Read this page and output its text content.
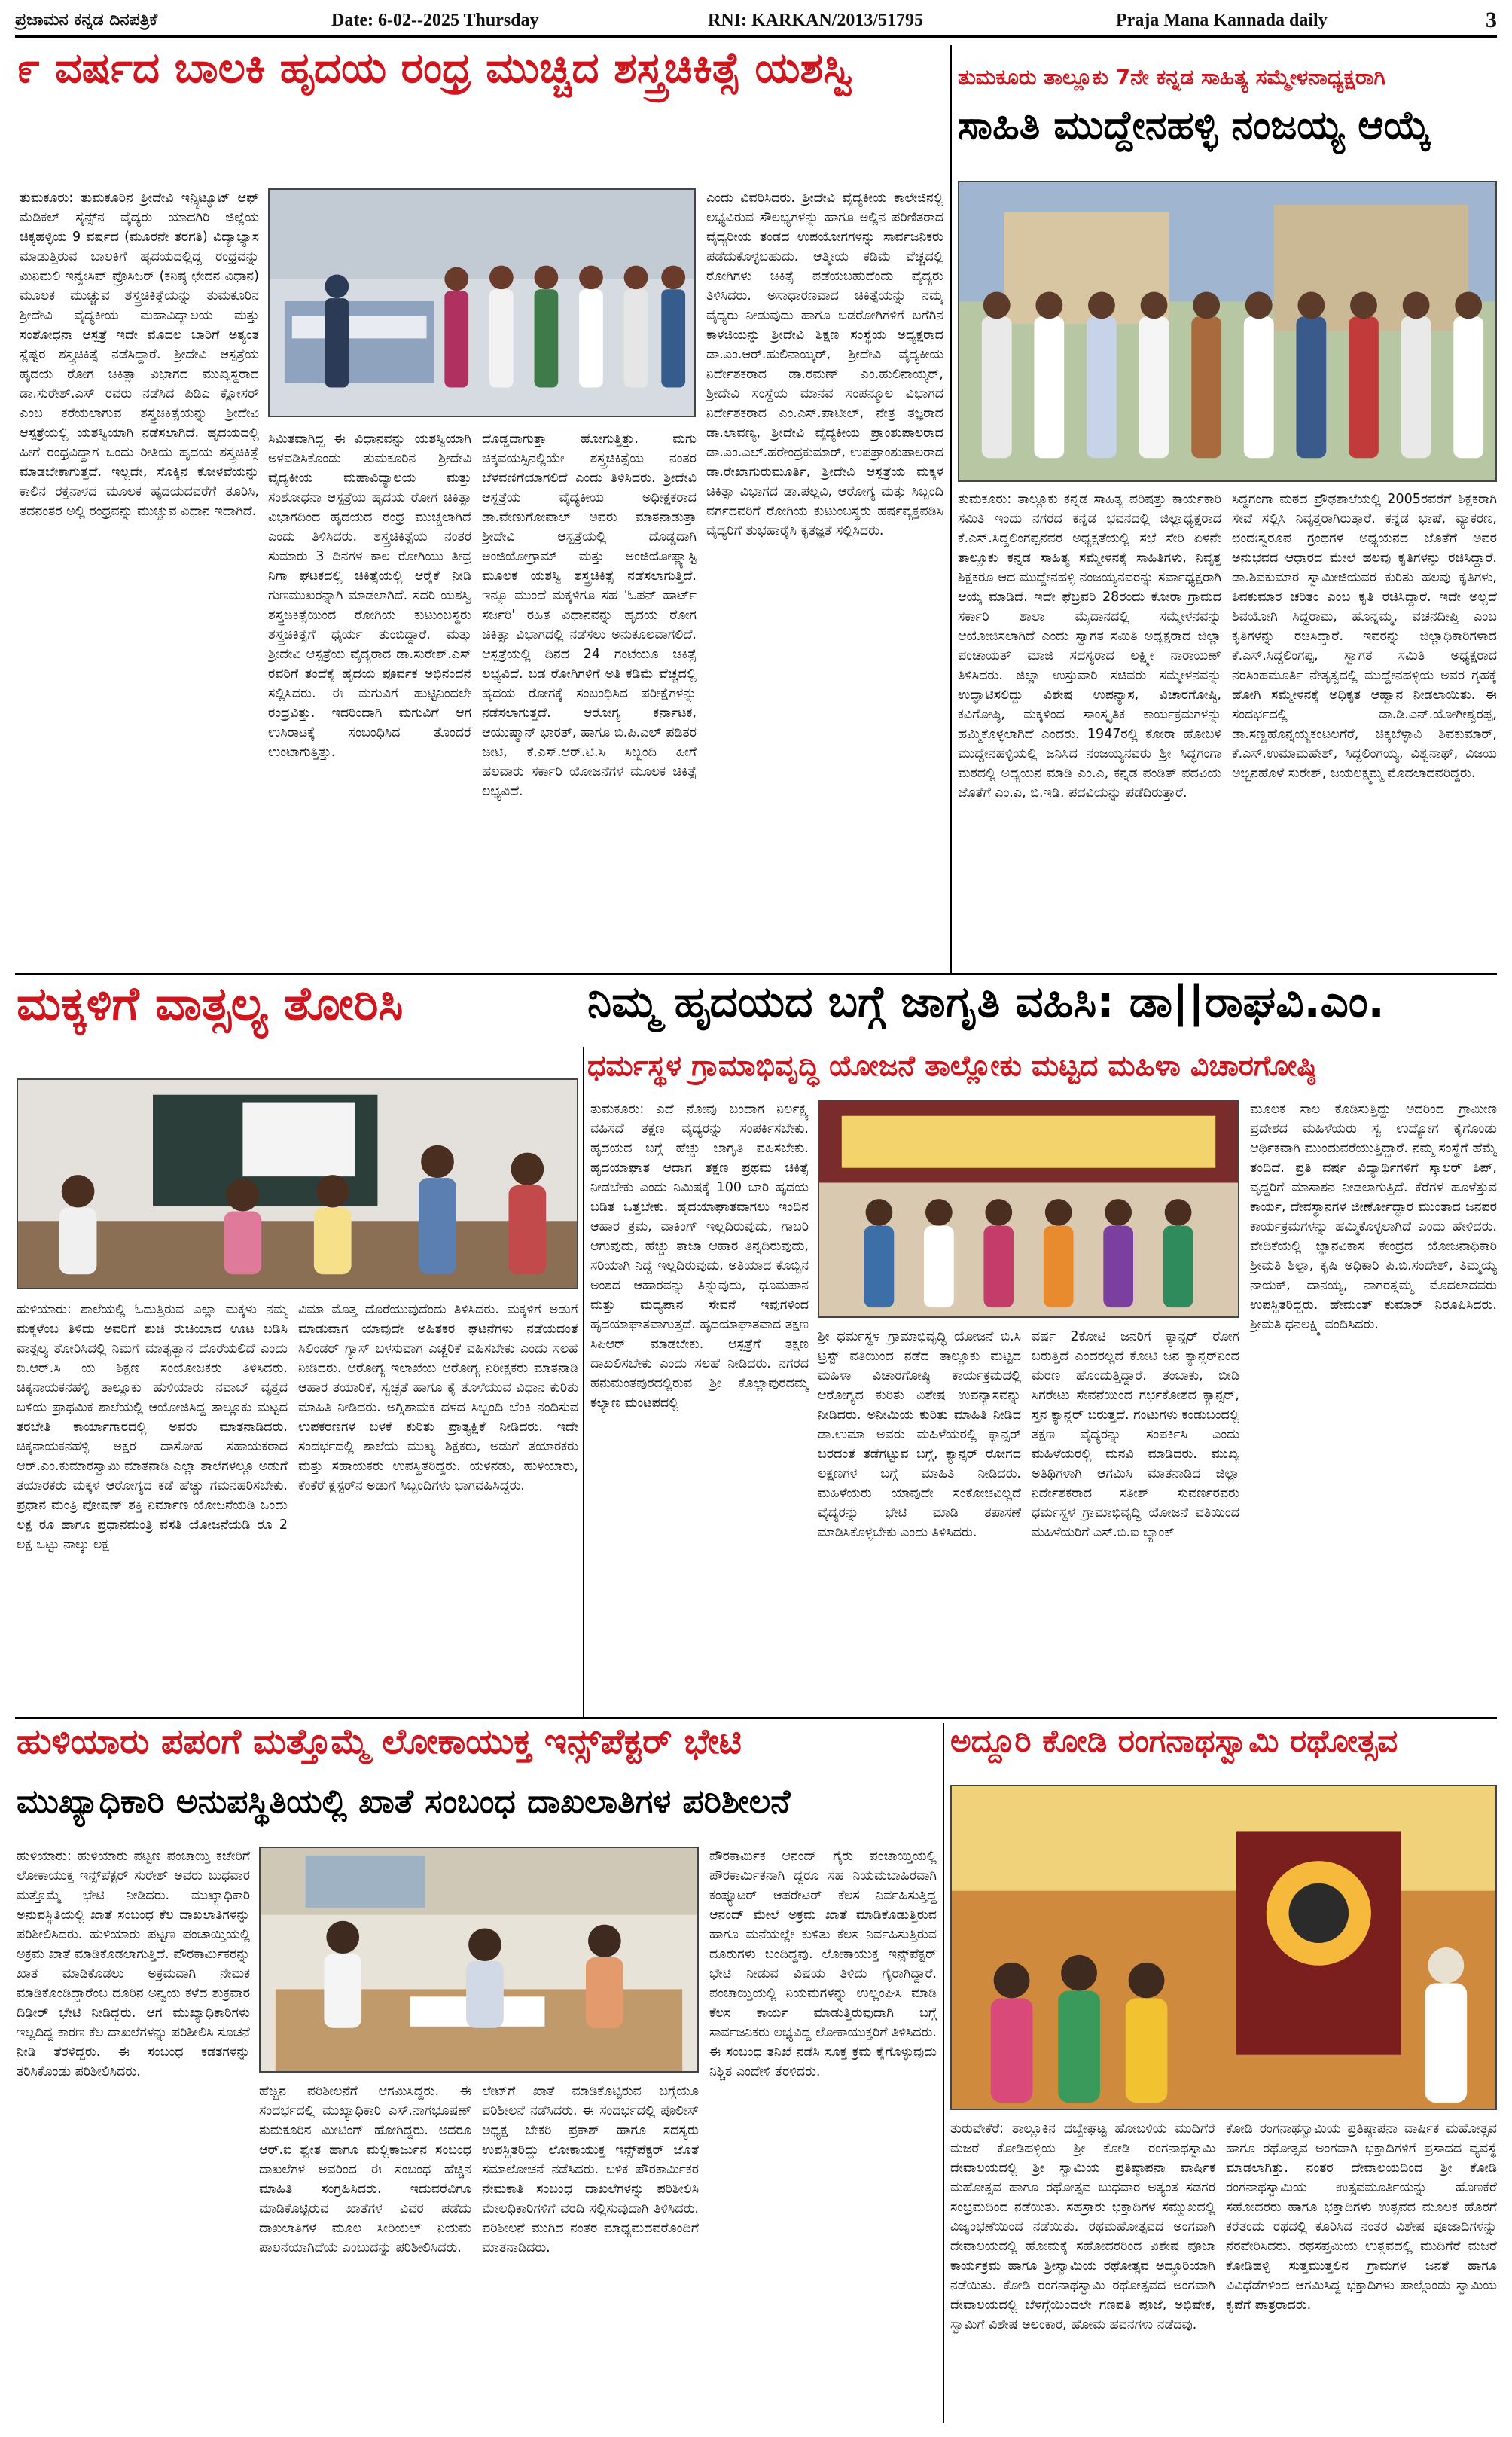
ಪ್ರಜಾಮನ ಕನ್ನಡ ದಿನಪತ್ರಿಕೆ	Date: 6-02--2025 Thursday	RNI: KARKAN/2013/51795	Praja Mana Kannada daily	3
೯ ವರ್ಷದ ಬಾಲಕಿ ಹೃದಯ ರಂಧ್ರ ಮುಚ್ಚಿದ ಶಸ್ತ್ರಚಿಕಿತ್ಸೆ ಯಶಸ್ವಿ
ತುಮಕೂರು: ತುಮಕೂರಿನ ಶ್ರೀದೇವಿ ಇನ್ಸ್ಟಿಟ್ಯೂಟ್ ಆಫ್ ಮೆಡಿಕಲ್ ಸೈನ್ಸ್‌ನ ವೈದ್ಯರು ಯಾದಗಿರಿ ಜಿಲ್ಲೆಯ ಚಿಕ್ಕಹಳ್ಳಿಯ 9 ವರ್ಷದ (ಮೂರನೇ ತರಗತಿ) ವಿದ್ಯಾಭ್ಯಾಸ ಮಾಡುತ್ತಿರುವ ಬಾಲಕಿಗೆ ಹೃದಯದಲ್ಲಿದ್ದ ರಂಧ್ರವನ್ನು ಮಿನಿಮಲಿ ಇನ್ವೇಸಿವ್ ಪ್ರೊಸಿಜರ್ (ಕನಿಷ್ಠ ಛೇದನ ವಿಧಾನ) ಮೂಲಕ ಮುಚ್ಚುವ ಶಸ್ತ್ರಚಿಕಿತ್ಸೆಯನ್ನು ತುಮಕೂರಿನ ಶ್ರೀದೇವಿ ವೈದ್ಯಕೀಯ ಮಹಾವಿದ್ಯಾಲಯ ಮತ್ತು ಸಂಶೋಧನಾ ಆಸ್ಪತ್ರೆ ಇದೇ ಮೊದಲ ಬಾರಿಗೆ ಅತ್ಯಂತ ಸ್ಲೆಷ್ಟರ ಶಸ್ತ್ರಚಿಕಿತ್ಸೆ ನಡೆಸಿದ್ದಾರೆ. ಶ್ರೀದೇವಿ ಆಸ್ಪತ್ರೆಯ ಹೃದಯ ರೋಗ ಚಿಕಿತ್ಸಾ ವಿಭಾಗದ ಮುಖ್ಯಸ್ಥರಾದ ಡಾ.ಸುರೇಶ್.ಎಸ್ ರವರು ನಡೆಸಿದ ಪಿಡಿಎ ಕ್ಲೋಸರ್ ಎಂಬ ಕರೆಯಲಾಗುವ ಶಸ್ತ್ರಚಿಕಿತ್ಸೆಯನ್ನು ಶ್ರೀದೇವಿ ಆಸ್ಪತ್ರೆಯಲ್ಲಿ ಯಶಸ್ವಿಯಾಗಿ ನಡೆಸಲಾಗಿದೆ. ಹೃದಯದಲ್ಲಿ ಹೀಗೆ ರಂಧ್ರವಿದ್ದಾಗ ಒಂದು ರೀತಿಯ ಹೃದಯ ಶಸ್ತ್ರಚಿಕಿತ್ಸೆ ಮಾಡಬೇಕಾಗುತ್ತದೆ. ಇಲ್ಲದೇ, ಸೊಕ್ಕಿನ ಕೋಳವೆಯನ್ನು ಕಾಲಿನ ರಕ್ತನಾಳದ ಮೂಲಕ ಹೃದಯದವರೆಗೆ ತೂರಿಸಿ, ತದನಂತರ ಅಲ್ಲಿ ರಂಧ್ರವನ್ನು ಮುಚ್ಚುವ ವಿಧಾನ ಇದಾಗಿದೆ.
ಸಿಮಿತವಾಗಿದ್ದ ಈ ವಿಧಾನವನ್ನು ಯಶಸ್ವಿಯಾಗಿ ಅಳವಡಿಸಿಕೊಂಡು ತುಮಕೂರಿನ ಶ್ರೀದೇವಿ ವೈದ್ಯಕೀಯ ಮಹಾವಿದ್ಯಾಲಯ ಮತ್ತು ಸಂಶೋಧನಾ ಆಸ್ಪತ್ರೆಯ ಹೃದಯ ರೋಗ ಚಿಕಿತ್ಸಾ ವಿಭಾಗದಿಂದ ಹೃದಯದ ರಂಧ್ರ ಮುಚ್ಚಲಾಗಿದೆ ಎಂದು ತಿಳಿಸಿದರು. ಶಸ್ತ್ರಚಿಕಿತ್ಸೆಯ ನಂತರ ಸುಮಾರು 3 ದಿನಗಳ ಕಾಲ ರೋಗಿಯು ತೀವ್ರ ನಿಗಾ ಘಟಕದಲ್ಲಿ ಚಿಕಿತ್ಸೆಯಲ್ಲಿ ಆರೈಕೆ ನೀಡಿ ಗುಣಮುಖರನ್ನಾಗಿ ಮಾಡಲಾಗಿದೆ. ಸದರಿ ಯಶಸ್ವಿ ಶಸ್ತ್ರಚಿಕಿತ್ಸೆಯಿಂದ ರೋಗಿಯ ಕುಟುಂಬಸ್ಥರು ಶಸ್ತ್ರಚಿಕಿತ್ಸೆಗೆ ಧೈರ್ಯ ತುಂಬಿದ್ದಾರೆ. ಮತ್ತು ಶ್ರೀದೇವಿ ಆಸ್ಪತ್ರೆಯ ವೈದ್ಯರಾದ ಡಾ.ಸುರೇಶ್.ಎಸ್ ರವರಿಗೆ ತಂದೆಕೈ ಹೃದಯ ಪೂರ್ವಕ ಅಭಿನಂದನೆ ಸಲ್ಲಿಸಿದರು. ಈ ಮಗುವಿಗೆ ಹುಟ್ಟಿನಿಂದಲೇ ರಂಧ್ರವಿತ್ತು. ಇದರಿಂದಾಗಿ ಮಗುವಿಗೆ ಆಗ ಉಸಿರಾಟಕ್ಕೆ ಸಂಬಂಧಿಸಿದ ತೊಂದರೆ ಉಂಟಾಗುತ್ತಿತ್ತು.
ದೊಡ್ಡದಾಗುತ್ತಾ ಹೋಗುತ್ತಿತ್ತು. ಮಗು ಚಿಕ್ಕವಯಸ್ಸಿನಲ್ಲಿಯೇ ಶಸ್ತ್ರಚಿಕಿತ್ಸೆಯ ನಂತರ ಬೆಳವಣಿಗೆಯಾಗಲಿದೆ ಎಂದು ತಿಳಿಸಿದರು. ಶ್ರೀದೇವಿ ಆಸ್ಪತ್ರೆಯ ವೈದ್ಯಕೀಯ ಅಧೀಕ್ಷಕರಾದ ಡಾ.ವೇಣುಗೋಪಾಲ್ ಅವರು ಮಾತನಾಡುತ್ತಾ ಶ್ರೀದೇವಿ ಆಸ್ಪತ್ರೆಯಲ್ಲಿ ದೊಡ್ಡದಾಗಿ ಅಂಜಿಯೋಗ್ರಾಮ್ ಮತ್ತು ಅಂಜಿಯೋಪ್ಲ್ಯಾಸ್ಟಿ ಮೂಲಕ ಯಶಸ್ವಿ ಶಸ್ತ್ರಚಿಕಿತ್ಸೆ ನಡೆಸಲಾಗುತ್ತಿದೆ. ಇನ್ನೂ ಮುಂದೆ ಮಕ್ಕಳಿಗೂ ಸಹ 'ಓಪನ್ ಹಾರ್ಟ್ ಸರ್ಜರಿ' ರಹಿತ ವಿಧಾನವನ್ನು ಹೃದಯ ರೋಗ ಚಿಕಿತ್ಸಾ ವಿಭಾಗದಲ್ಲಿ ನಡೆಸಲು ಅನುಕೂಲವಾಗಲಿದೆ. ಆಸ್ಪತ್ರೆಯಲ್ಲಿ ದಿನದ 24 ಗಂಟೆಯೂ ಚಿಕಿತ್ಸೆ ಲಭ್ಯವಿದೆ. ಬಡ ರೋಗಿಗಳಿಗೆ ಅತಿ ಕಡಿಮೆ ವೆಚ್ಚದಲ್ಲಿ ಹೃದಯ ರೋಗಕ್ಕೆ ಸಂಬಂಧಿಸಿದ ಪರೀಕ್ಷೆಗಳನ್ನು ನಡೆಸಲಾಗುತ್ತದೆ. ಆರೋಗ್ಯ ಕರ್ನಾಟಕ, ಆಯುಷ್ಮಾನ್ ಭಾರತ್, ಹಾಗೂ ಬಿ.ಪಿ.ಎಲ್ ಪಡಿತರ ಚೀಟಿ, ಕೆ.ಎಸ್.ಆರ್.ಟಿ.ಸಿ ಸಿಬ್ಬಂದಿ ಹೀಗೆ ಹಲವಾರು ಸರ್ಕಾರಿ ಯೋಜನೆಗಳ ಮೂಲಕ ಚಿಕಿತ್ಸೆ ಲಭ್ಯವಿದೆ.
ಎಂದು ವಿವರಿಸಿದರು. ಶ್ರೀದೇವಿ ವೈದ್ಯಕೀಯ ಕಾಲೇಜಿನಲ್ಲಿ ಲಭ್ಯವಿರುವ ಸೌಲಭ್ಯಗಳನ್ನು ಹಾಗೂ ಅಲ್ಲಿನ ಪರಿಣಿತರಾದ ವೈದ್ಯರೀಯ ತಂಡದ ಉಪಯೋಗಗಳನ್ನು ಸಾರ್ವಜನಿಕರು ಪಡೆದುಕೊಳ್ಳಬಹುದು. ಆತ್ಮೀಯ ಕಡಿಮೆ ವೆಚ್ಚದಲ್ಲಿ ರೋಗಿಗಳು ಚಿಕಿತ್ಸೆ ಪಡೆಯಬಹುದೆಂದು ವೈದ್ಯರು ತಿಳಿಸಿದರು. ಅಸಾಧಾರಣವಾದ ಚಿಕಿತ್ಸೆಯನ್ನು ನಮ್ಮ ವೈದ್ಯರು ನೀಡುವುದು ಹಾಗೂ ಬಡರೋಗಿಗಳಿಗೆ ಬಗೆಗಿನ ಕಾಳಜಿಯನ್ನು ಶ್ರೀದೇವಿ ಶಿಕ್ಷಣ ಸಂಸ್ಥೆಯ ಅಧ್ಯಕ್ಷರಾದ ಡಾ.ಎಂ.ಆರ್.ಹುಲಿನಾಯ್ಕರ್, ಶ್ರೀದೇವಿ ವೈದ್ಯಕೀಯ ನಿರ್ದೇಶಕರಾದ ಡಾ.ರಮಣ್ ಎಂ.ಹುಲಿನಾಯ್ಕರ್, ಶ್ರೀದೇವಿ ಸಂಸ್ಥೆಯ ಮಾನವ ಸಂಪನ್ಮೂಲ ವಿಭಾಗದ ನಿರ್ದೇಶಕರಾದ ಎಂ.ಎಸ್.ಪಾಟೀಲ್, ನೇತ್ರ ತಜ್ಞರಾದ ಡಾ.ಲಾವಣ್ಯ, ಶ್ರೀದೇವಿ ವೈದ್ಯಕೀಯ ಪ್ರಾಂಶುಪಾಲರಾದ ಡಾ.ಎಂ.ಎಲ್.ಹರೇಂದ್ರಕುಮಾರ್, ಉಪಪ್ರಾಂಶುಪಾಲರಾದ ಡಾ.ರೇಖಾಗುರುಮೂರ್ತಿ, ಶ್ರೀದೇವಿ ಆಸ್ಪತ್ರೆಯ ಮಕ್ಕಳ ಚಿಕಿತ್ಸಾ ವಿಭಾಗದ ಡಾ.ಪಲ್ಲವಿ, ಆರೋಗ್ಯ ಮತ್ತು ಸಿಬ್ಬಂದಿ ವರ್ಗದವರಿಗೆ ರೋಗಿಯ ಕುಟುಂಬಸ್ಥರು ಹರ್ಷವ್ಯಕ್ತಪಡಿಸಿ ವೈದ್ಯರಿಗೆ ಶುಭಹಾರೈಸಿ ಕೃತಜ್ಞತೆ ಸಲ್ಲಿಸಿದರು.
ತುಮಕೂರು ತಾಲ್ಲೂಕು 7ನೇ ಕನ್ನಡ ಸಾಹಿತ್ಯ ಸಮ್ಮೇಳನಾಧ್ಯಕ್ಷರಾಗಿ
ಸಾಹಿತಿ ಮುದ್ದೇನಹಳ್ಳಿ ನಂಜಯ್ಯ ಆಯ್ಕೆ
ತುಮಕೂರು: ತಾಲ್ಲೂಕು ಕನ್ನಡ ಸಾಹಿತ್ಯ ಪರಿಷತ್ತು ಕಾರ್ಯಕಾರಿ ಸಮಿತಿ ಇಂದು ನಗರದ ಕನ್ನಡ ಭವನದಲ್ಲಿ ಜಿಲ್ಲಾಧ್ಯಕ್ಷರಾದ ಕೆ.ಎಸ್.ಸಿದ್ದಲಿಂಗಪ್ಪನವರ ಅಧ್ಯಕ್ಷತೆಯಲ್ಲಿ ಸಭೆ ಸೇರಿ ಏಳನೇ ತಾಲ್ಲೂಕು ಕನ್ನಡ ಸಾಹಿತ್ಯ ಸಮ್ಮೇಳನಕ್ಕೆ ಸಾಹಿತಿಗಳು, ನಿವೃತ್ತ ಶಿಕ್ಷಕರೂ ಆದ ಮುದ್ದೇನಹಳ್ಳಿ ನಂಜಯ್ಯನವರನ್ನು ಸರ್ವಾಧ್ಯಕ್ಷರಾಗಿ ಆಯ್ಕೆ ಮಾಡಿದೆ. ಇದೇ ಫೆಬ್ರವರಿ 28ರಂದು ಕೋರಾ ಗ್ರಾಮದ ಸರ್ಕಾರಿ ಶಾಲಾ ಮೈದಾನದಲ್ಲಿ ಸಮ್ಮೇಳನವನ್ನು ಆಯೋಜಿಸಲಾಗಿದೆ ಎಂದು ಸ್ವಾಗತ ಸಮಿತಿ ಅಧ್ಯಕ್ಷರಾದ ಜಿಲ್ಲಾ ಪಂಚಾಯತ್ ಮಾಜಿ ಸದಸ್ಯರಾದ ಲಕ್ಷ್ಮೀ ನಾರಾಯಣ್ ತಿಳಿಸಿದರು. ಜಿಲ್ಲಾ ಉಸ್ತುವಾರಿ ಸಚಿವರು ಸಮ್ಮೇಳನವನ್ನು ಉದ್ಘಾಟಿಸಲಿದ್ದು ವಿಶೇಷ ಉಪನ್ಯಾಸ, ವಿಚಾರಗೋಷ್ಠಿ, ಕವಿಗೋಷ್ಠಿ, ಮಕ್ಕಳಿಂದ ಸಾಂಸ್ಕೃತಿಕ ಕಾರ್ಯಕ್ರಮಗಳನ್ನು ಹಮ್ಮಿಕೊಳ್ಳಲಾಗಿದೆ ಎಂದರು. 1947ರಲ್ಲಿ ಕೋರಾ ಹೋಬಳಿ ಮುದ್ದೇನಹಳ್ಳಿಯಲ್ಲಿ ಜನಿಸಿದ ನಂಜಯ್ಯನವರು ಶ್ರೀ ಸಿದ್ಧಗಂಗಾ ಮಠದಲ್ಲಿ ಅಧ್ಯಯನ ಮಾಡಿ ಎಂ.ಎ, ಕನ್ನಡ ಪಂಡಿತ್ ಪದವಿಯ ಜೊತೆಗೆ ಎಂ.ಎ, ಬಿ.ಇಡಿ. ಪದವಿಯನ್ನು ಪಡೆದಿರುತ್ತಾರೆ.
ಸಿದ್ಧಗಂಗಾ ಮಠದ ಪ್ರೌಢಶಾಲೆಯಲ್ಲಿ 2005ರವರೆಗೆ ಶಿಕ್ಷಕರಾಗಿ ಸೇವೆ ಸಲ್ಲಿಸಿ ನಿವೃತ್ತರಾಗಿರುತ್ತಾರೆ. ಕನ್ನಡ ಭಾಷೆ, ವ್ಯಾಕರಣ, ಛಂದಃಸ್ವರೂಪ ಗ್ರಂಥಗಳ ಅಧ್ಯಯನದ ಜೊತೆಗೆ ಅವರ ಅನುಭವದ ಆಧಾರದ ಮೇಲೆ ಹಲವು ಕೃತಿಗಳನ್ನು ರಚಿಸಿದ್ದಾರೆ. ಡಾ.ಶಿವಕುಮಾರ ಸ್ವಾಮೀಜಿಯವರ ಕುರಿತು ಹಲವು ಕೃತಿಗಳು, ಶಿವಕುಮಾರ ಚರಿತಂ ಎಂಬ ಕೃತಿ ರಚಿಸಿದ್ದಾರೆ. ಇದೇ ಅಲ್ಲದೆ ಶಿವಯೋಗಿ ಸಿದ್ಧರಾಮ, ಹೊನ್ನಮ್ಮ, ವಚನದೀಪ್ತಿ ಎಂಬ ಕೃತಿಗಳನ್ನು ರಚಿಸಿದ್ದಾರೆ. ಇವರನ್ನು ಜಿಲ್ಲಾಧಿಕಾರಿಗಳಾದ ಕೆ.ಎಸ್.ಸಿದ್ದಲಿಂಗಪ್ಪ, ಸ್ವಾಗತ ಸಮಿತಿ ಅಧ್ಯಕ್ಷರಾದ ನರಸಿಂಹಮೂರ್ತಿ ನೇತೃತ್ವದಲ್ಲಿ ಮುದ್ದೇನಹಳ್ಳಿಯ ಅವರ ಗೃಹಕ್ಕೆ ಹೋಗಿ ಸಮ್ಮೇಳನಕ್ಕೆ ಅಧಿಕೃತ ಆಹ್ವಾನ ನೀಡಲಾಯಿತು. ಈ ಸಂದರ್ಭದಲ್ಲಿ ಡಾ.ಡಿ.ಎನ್.ಯೋಗೀಶ್ವರಪ್ಪ, ಡಾ.ಸಣ್ಣಹೊನ್ನಯ್ಯಕಂಟಲಗೆರೆ, ಚಿಕ್ಕಬೆಳ್ಳಾವಿ ಶಿವಕುಮಾರ್, ಕೆ.ಎಸ್.ಉಮಾಮಹೇಶ್, ಸಿದ್ದಲಿಂಗಯ್ಯ, ವಿಶ್ವನಾಥ್, ವಿಜಯ ಅಬ್ಬಿನಹೊಳೆ ಸುರೇಶ್, ಜಯಲಕ್ಷ್ಮಮ್ಮ ಮೊದಲಾದವರಿದ್ದರು.
ಮಕ್ಕಳಿಗೆ ವಾತ್ಸಲ್ಯ ತೋರಿಸಿ	ನಿಮ್ಮ ಹೃದಯದ ಬಗ್ಗೆ ಜಾಗೃತಿ ವಹಿಸಿ: ಡಾ||ರಾಘವಿ.ಎಂ.
ಧರ್ಮಸ್ಥಳ ಗ್ರಾಮಾಭಿವೃದ್ಧಿ ಯೋಜನೆ ತಾಲ್ಲೋಕು ಮಟ್ಟದ ಮಹಿಳಾ ವಿಚಾರಗೋಷ್ಠಿ
ಹುಳಿಯಾರು: ಶಾಲೆಯಲ್ಲಿ ಓದುತ್ತಿರುವ ಎಲ್ಲಾ ಮಕ್ಕಳು ನಮ್ಮ ಮಕ್ಕಳೆಂಬ ತಿಳಿದು ಅವರಿಗೆ ಶುಚಿ ರುಚಿಯಾದ ಊಟ ಬಡಿಸಿ ವಾತ್ಸಲ್ಯ ತೋರಿಸಿದಲ್ಲಿ ನಿಮಗೆ ಮಾತೃತ್ವಾನ ದೊರೆಯಲಿದೆ ಎಂದು ಬಿ.ಆರ್.ಸಿ ಯ ಶಿಕ್ಷಣ ಸಂಯೋಜಕರು ತಿಳಿಸಿದರು. ಚಿಕ್ಕನಾಯಕನಹಳ್ಳಿ ತಾಲ್ಲೂಕು ಹುಳಿಯಾರು ನವಾಬ್ ವೃತ್ತದ ಬಳಿಯ ಪ್ರಾಥಮಿಕ ಶಾಲೆಯಲ್ಲಿ ಆಯೋಜಿಸಿದ್ದ ತಾಲ್ಲೂಕು ಮಟ್ಟದ ತರಬೇತಿ ಕಾರ್ಯಾಗಾರದಲ್ಲಿ ಅವರು ಮಾತನಾಡಿದರು. ಚಿಕ್ಕನಾಯಕನಹಳ್ಳಿ ಅಕ್ಷರ ದಾಸೋಹ ಸಹಾಯಕರಾದ ಆರ್.ಎಂ.ಕುಮಾರಸ್ವಾಮಿ ಮಾತನಾಡಿ ಎಲ್ಲಾ ಶಾಲೆಗಳಲ್ಲೂ ಅಡುಗೆ ತಯಾರಕರು ಮಕ್ಕಳ ಆರೋಗ್ಯದ ಕಡೆ ಹೆಚ್ಚು ಗಮನಹರಿಸಬೇಕು. ಪ್ರಧಾನ ಮಂತ್ರಿ ಪೋಷಣ್ ಶಕ್ತಿ ನಿರ್ಮಾಣ ಯೋಜನೆಯಡಿ ಒಂದು ಲಕ್ಷ ರೂ ಹಾಗೂ ಪ್ರಧಾನಮಂತ್ರಿ ವಸತಿ ಯೋಜನೆಯಡಿ ರೂ 2 ಲಕ್ಷ ಒಟ್ಟು ನಾಲ್ಕು ಲಕ್ಷ
ವಿಮಾ ಮೊತ್ತ ದೊರೆಯುವುದೆಂದು ತಿಳಿಸಿದರು. ಮಕ್ಕಳಿಗೆ ಅಡುಗೆ ಮಾಡುವಾಗ ಯಾವುದೇ ಅಹಿತಕರ ಘಟನೆಗಳು ನಡೆಯದಂತೆ ಸಿಲಿಂಡರ್ ಗ್ಯಾಸ್ ಬಳಸುವಾಗ ಎಚ್ಚರಿಕೆ ವಹಿಸಬೇಕು ಎಂದು ಸಲಹೆ ನೀಡಿದರು. ಆರೋಗ್ಯ ಇಲಾಖೆಯ ಆರೋಗ್ಯ ನಿರೀಕ್ಷಕರು ಮಾತನಾಡಿ ಆಹಾರ ತಯಾರಿಕೆ, ಸ್ವಚ್ಛತೆ ಹಾಗೂ ಕೈ ತೊಳೆಯುವ ವಿಧಾನ ಕುರಿತು ಮಾಹಿತಿ ನೀಡಿದರು. ಅಗ್ನಿಶಾಮಕ ದಳದ ಸಿಬ್ಬಂದಿ ಬೆಂಕಿ ನಂದಿಸುವ ಉಪಕರಣಗಳ ಬಳಕೆ ಕುರಿತು ಪ್ರಾತ್ಯಕ್ಷಿಕೆ ನೀಡಿದರು. ಇದೇ ಸಂದರ್ಭದಲ್ಲಿ ಶಾಲೆಯ ಮುಖ್ಯ ಶಿಕ್ಷಕರು, ಅಡುಗೆ ತಯಾರಕರು ಮತ್ತು ಸಹಾಯಕರು ಉಪಸ್ಥಿತರಿದ್ದರು. ಯಳನಡು, ಹುಳಿಯಾರು, ಕೆಂಕೆರೆ ಕ್ಲಸ್ಟರ್‌ನ ಅಡುಗೆ ಸಿಬ್ಬಂದಿಗಳು ಭಾಗವಹಿಸಿದ್ದರು.
ತುಮಕೂರು: ಎದೆ ನೋವು ಬಂದಾಗ ನಿರ್ಲಕ್ಷ್ಯ ವಹಿಸದೆ ತಕ್ಷಣ ವೈದ್ಯರನ್ನು ಸಂಪರ್ಕಿಸಬೇಕು. ಹೃದಯದ ಬಗ್ಗೆ ಹೆಚ್ಚು ಜಾಗೃತಿ ವಹಿಸಬೇಕು. ಹೃದಯಾಘಾತ ಆದಾಗ ತಕ್ಷಣ ಪ್ರಥಮ ಚಿಕಿತ್ಸೆ ನೀಡಬೇಕು ಎಂದು ನಿಮಿಷಕ್ಕೆ 100 ಬಾರಿ ಹೃದಯ ಬಡಿತ ಒತ್ತಬೇಕು. ಹೃದಯಾಘಾತವಾಗಲು ಇಂದಿನ ಆಹಾರ ಕ್ರಮ, ವಾಕಿಂಗ್ ಇಲ್ಲದಿರುವುದು, ಗಾಬರಿ ಆಗುವುದು, ಹೆಚ್ಚು ತಾಜಾ ಆಹಾರ ತಿನ್ನದಿರುವುದು, ಸರಿಯಾಗಿ ನಿದ್ದೆ ಇಲ್ಲದಿರುವುದು, ಅತಿಯಾದ ಕೊಬ್ಬಿನ ಅಂಶದ ಆಹಾರವನ್ನು ತಿನ್ನುವುದು, ಧೂಮಪಾನ ಮತ್ತು ಮದ್ಯಪಾನ ಸೇವನೆ ಇವುಗಳಿಂದ ಹೃದಯಾಘಾತವಾಗುತ್ತದೆ. ಹೃದಯಾಘಾತವಾದ ತಕ್ಷಣ ಸಿಪಿಆರ್ ಮಾಡಬೇಕು. ಆಸ್ಪತ್ರೆಗೆ ತಕ್ಷಣ ದಾಖಲಿಸಬೇಕು ಎಂದು ಸಲಹೆ ನೀಡಿದರು. ನಗರದ ಹನುಮಂತಪುರದಲ್ಲಿರುವ ಶ್ರೀ ಕೊಲ್ಲಾಪುರದಮ್ಮ ಕಲ್ಯಾಣ ಮಂಟಪದಲ್ಲಿ
ಶ್ರೀ ಧರ್ಮಸ್ಥಳ ಗ್ರಾಮಾಭಿವೃದ್ಧಿ ಯೋಜನೆ ಬಿ.ಸಿ ಟ್ರಸ್ಟ್ ವತಿಯಿಂದ ನಡೆದ ತಾಲ್ಲೂಕು ಮಟ್ಟದ ಮಹಿಳಾ ವಿಚಾರಗೋಷ್ಠಿ ಕಾರ್ಯಕ್ರಮದಲ್ಲಿ ಆರೋಗ್ಯದ ಕುರಿತು ವಿಶೇಷ ಉಪನ್ಯಾಸವನ್ನು ನೀಡಿದರು. ಅನೀಮಿಯ ಕುರಿತು ಮಾಹಿತಿ ನೀಡಿದ ಡಾ.ಉಮಾ ಅವರು ಮಹಿಳೆಯರಲ್ಲಿ ಕ್ಯಾನ್ಸರ್ ಬರದಂತೆ ತಡೆಗಟ್ಟುವ ಬಗ್ಗೆ, ಕ್ಯಾನ್ಸರ್ ರೋಗದ ಲಕ್ಷಣಗಳ ಬಗ್ಗೆ ಮಾಹಿತಿ ನೀಡಿದರು. ಮಹಿಳೆಯರು ಯಾವುದೇ ಸಂಕೋಚವಿಲ್ಲದೆ ವೈದ್ಯರನ್ನು ಭೇಟಿ ಮಾಡಿ ತಪಾಸಣೆ ಮಾಡಿಸಿಕೊಳ್ಳಬೇಕು ಎಂದು ತಿಳಿಸಿದರು.
ವರ್ಷ 2ಕೋಟಿ ಜನರಿಗೆ ಕ್ಯಾನ್ಸರ್ ರೋಗ ಬರುತ್ತಿದೆ ಎಂದರಲ್ಲದೆ ಕೋಟಿ ಜನ ಕ್ಯಾನ್ಸರ್‌ನಿಂದ ಮರಣ ಹೊಂದುತ್ತಿದ್ದಾರೆ. ತಂಬಾಕು, ಬೀಡಿ ಸಿಗರೇಟು ಸೇವನೆಯಿಂದ ಗರ್ಭಕೋಶದ ಕ್ಯಾನ್ಸರ್, ಸ್ತನ ಕ್ಯಾನ್ಸರ್ ಬರುತ್ತದೆ. ಗಂಟುಗಳು ಕಂಡುಬಂದಲ್ಲಿ ತಕ್ಷಣ ವೈದ್ಯರನ್ನು ಸಂಪರ್ಕಿಸಿ ಎಂದು ಮಹಿಳೆಯರಲ್ಲಿ ಮನವಿ ಮಾಡಿದರು. ಮುಖ್ಯ ಅತಿಥಿಗಳಾಗಿ ಆಗಮಿಸಿ ಮಾತನಾಡಿದ ಜಿಲ್ಲಾ ನಿರ್ದೇಶಕರಾದ ಸತೀಶ್ ಸುವರ್ಣರವರು ಧರ್ಮಸ್ಥಳ ಗ್ರಾಮಾಭಿವೃದ್ಧಿ ಯೋಜನೆ ವತಿಯಿಂದ ಮಹಿಳೆಯರಿಗೆ ಎಸ್.ಬಿ.ಐ ಬ್ಯಾಂಕ್
ಮೂಲಕ ಸಾಲ ಕೊಡಿಸುತ್ತಿದ್ದು ಅದರಿಂದ ಗ್ರಾಮೀಣ ಪ್ರದೇಶದ ಮಹಿಳೆಯರು ಸ್ವ ಉದ್ಯೋಗ ಕೈಗೊಂಡು ಆರ್ಥಿಕವಾಗಿ ಮುಂದುವರೆಯುತ್ತಿದ್ದಾರೆ. ನಮ್ಮ ಸಂಸ್ಥೆಗೆ ಹೆಮ್ಮೆ ತಂದಿದೆ. ಪ್ರತಿ ವರ್ಷ ವಿದ್ಯಾರ್ಥಿಗಳಿಗೆ ಸ್ಕಾಲರ್ ಶಿಪ್, ವೃದ್ಧರಿಗೆ ಮಾಸಾಶನ ನೀಡಲಾಗುತ್ತಿದೆ. ಕೆರೆಗಳ ಹೂಳೆತ್ತುವ ಕಾರ್ಯ, ದೇವಸ್ಥಾನಗಳ ಜೀರ್ಣೋದ್ಧಾರ ಮುಂತಾದ ಜನಪರ ಕಾರ್ಯಕ್ರಮಗಳನ್ನು ಹಮ್ಮಿಕೊಳ್ಳಲಾಗಿದೆ ಎಂದು ಹೇಳಿದರು. ವೇದಿಕೆಯಲ್ಲಿ ಜ್ಞಾನವಿಕಾಸ ಕೇಂದ್ರದ ಯೋಜನಾಧಿಕಾರಿ ಶ್ರೀಮತಿ ಶಿಲ್ಪಾ, ಕೃಷಿ ಅಧಿಕಾರಿ ಪಿ.ಬಿ.ಸಂದೇಶ್, ತಿಮ್ಮಯ್ಯ ನಾಯಕ್, ದಾನಯ್ಯ, ನಾಗರತ್ನಮ್ಮ ಮೊದಲಾದವರು ಉಪಸ್ಥಿತರಿದ್ದರು. ಹೇಮಂತ್ ಕುಮಾರ್ ನಿರೂಪಿಸಿದರು. ಶ್ರೀಮತಿ ಧನಲಕ್ಷ್ಮಿ ವಂದಿಸಿದರು.
ಹುಳಿಯಾರು ಪಪಂಗೆ ಮತ್ತೊಮ್ಮೆ ಲೋಕಾಯುಕ್ತ ಇನ್ಸ್‌ಪೆಕ್ಟರ್ ಭೇಟಿ
ಮುಖ್ಯಾಧಿಕಾರಿ ಅನುಪಸ್ಥಿತಿಯಲ್ಲಿ ಖಾತೆ ಸಂಬಂಧ ದಾಖಲಾತಿಗಳ ಪರಿಶೀಲನೆ
ಹುಳಿಯಾರು: ಹುಳಿಯಾರು ಪಟ್ಟಣ ಪಂಚಾಯ್ತಿ ಕಚೇರಿಗೆ ಲೋಕಾಯುಕ್ತ ಇನ್ಸ್‌ಪೆಕ್ಟರ್ ಸುರೇಶ್ ಅವರು ಬುಧವಾರ ಮತ್ತೊಮ್ಮೆ ಭೇಟಿ ನೀಡಿದರು. ಮುಖ್ಯಾಧಿಕಾರಿ ಅನುಪಸ್ಥಿತಿಯಲ್ಲಿ ಖಾತೆ ಸಂಬಂಧ ಕೆಲ ದಾಖಲಾತಿಗಳನ್ನು ಪರಿಶೀಲಿಸಿದರು. ಹುಳಿಯಾರು ಪಟ್ಟಣ ಪಂಚಾಯ್ತಿಯಲ್ಲಿ ಅಕ್ರಮ ಖಾತೆ ಮಾಡಿಕೊಡಲಾಗುತ್ತಿದೆ. ಪೌರಕಾರ್ಮಿಕರನ್ನು ಖಾತೆ ಮಾಡಿಕೊಡಲು ಅಕ್ರಮವಾಗಿ ನೇಮಕ ಮಾಡಿಕೊಂಡಿದ್ದಾರೆಂಬ ದೂರಿನ ಅನ್ವಯ ಕಳೆದ ಶುಕ್ರವಾರ ದಿಢೀರ್ ಭೇಟಿ ನೀಡಿದ್ದರು. ಆಗ ಮುಖ್ಯಾಧಿಕಾರಿಗಳು ಇಲ್ಲದಿದ್ದ ಕಾರಣ ಕೆಲ ದಾಖಲೆಗಳನ್ನು ಪರಿಶೀಲಿಸಿ ಸೂಚನೆ ನೀಡಿ ತೆರಳಿದ್ದರು. ಈ ಸಂಬಂಧ ಕಡತಗಳನ್ನು ತರಿಸಿಕೊಂಡು ಪರಿಶೀಲಿಸಿದರು.
ಹೆಚ್ಚಿನ ಪರಿಶೀಲನೆಗೆ ಆಗಮಿಸಿದ್ದರು. ಈ ಸಂದರ್ಭದಲ್ಲಿ ಮುಖ್ಯಾಧಿಕಾರಿ ಎಸ್.ನಾಗಭೂಷಣ್ ತುಮಕೂರಿನ ಮೀಟಿಂಗ್ ಹೋಗಿದ್ದರು. ಅದರೂ ಆರ್.ಐ ಶ್ವೇತ ಹಾಗೂ ಮಲ್ಲಿಕಾರ್ಜುನ ಸಂಬಂಧ ದಾಖಲೆಗಳ ಅವರಿಂದ ಈ ಸಂಬಂಧ ಹೆಚ್ಚಿನ ಮಾಹಿತಿ ಸಂಗ್ರಹಿಸಿದರು. ಇದುವರೆವಿಗೂ ಮಾಡಿಕೊಟ್ಟಿರುವ ಖಾತೆಗಳ ವಿವರ ಪಡೆದು ದಾಖಲಾತಿಗಳ ಮೂಲ ಸೀರಿಯಲ್ ನಿಯಮ ಪಾಲನೆಯಾಗಿದೆಯೆ ಎಂಬುದನ್ನು ಪರಿಶೀಲಿಸಿದರು.
ಲೇಟ್‌ಗೆ ಖಾತೆ ಮಾಡಿಕೊಟ್ಟಿರುವ ಬಗ್ಗೆಯೂ ಪರಿಶೀಲನೆ ನಡೆಸಿದರು. ಈ ಸಂದರ್ಭದಲ್ಲಿ ಪೊಲೀಸ್ ಅಧ್ಯಕ್ಷ ಬೇಕರಿ ಪ್ರಕಾಶ್ ಹಾಗೂ ಸದಸ್ಯರು ಉಪಸ್ಥಿತರಿದ್ದು ಲೋಕಾಯುಕ್ತ ಇನ್ಸ್‌ಪೆಕ್ಟರ್ ಜೊತೆ ಸಮಾಲೋಚನೆ ನಡೆಸಿದರು. ಬಳಿಕ ಪೌರಕಾರ್ಮಿಕರ ನೇಮಕಾತಿ ಸಂಬಂಧ ದಾಖಲೆಗಳನ್ನು ಪರಿಶೀಲಿಸಿ ಮೇಲಧಿಕಾರಿಗಳಿಗೆ ವರದಿ ಸಲ್ಲಿಸುವುದಾಗಿ ತಿಳಿಸಿದರು. ಪರಿಶೀಲನೆ ಮುಗಿದ ನಂತರ ಮಾಧ್ಯಮದವರೊಂದಿಗೆ ಮಾತನಾಡಿದರು.
ಪೌರಕಾರ್ಮಿಕ ಆನಂದ್ ಗೈರು ಪಂಚಾಯ್ತಿಯಲ್ಲಿ ಪೌರಕಾರ್ಮಿಕನಾಗಿ ದ್ದರೂ ಸಹ ನಿಯಮಬಾಹಿರವಾಗಿ ಕಂಪ್ಯೂಟರ್ ಆಪರೇಟರ್ ಕೆಲಸ ನಿರ್ವಹಿಸುತ್ತಿದ್ದ ಆನಂದ್ ಮೇಲೆ ಅಕ್ರಮ ಖಾತೆ ಮಾಡಿಕೊಡುತ್ತಿರುವ ಹಾಗೂ ಮನೆಯಲ್ಲೇ ಕುಳಿತು ಕೆಲಸ ನಿರ್ವಹಿಸುತ್ತಿರುವ ದೂರುಗಳು ಬಂದಿದ್ದವು. ಲೋಕಾಯುಕ್ತ ಇನ್ಸ್‌ಪೆಕ್ಟರ್ ಭೇಟಿ ನೀಡುವ ವಿಷಯ ತಿಳಿದು ಗೈರಾಗಿದ್ದಾರೆ. ಪಂಚಾಯ್ತಿಯಲ್ಲಿ ನಿಯಮಗಳನ್ನು ಉಲ್ಲಂಘಿಸಿ ಮಾಡಿ ಕೆಲಸ ಕಾರ್ಯ ಮಾಡುತ್ತಿರುವುದಾಗಿ ಬಗ್ಗೆ ಸಾರ್ವಜನಿಕರು ಲಭ್ಯವಿದ್ದ ಲೋಕಾಯುಕ್ತರಿಗೆ ತಿಳಿಸಿದರು. ಈ ಸಂಬಂಧ ತನಿಖೆ ನಡೆಸಿ ಸೂಕ್ತ ಕ್ರಮ ಕೈಗೊಳ್ಳುವುದು ನಿಶ್ಚಿತ ಎಂದೇಳಿ ತೆರಳಿದರು.
ಅದ್ದೂರಿ ಕೋಡಿ ರಂಗನಾಥಸ್ವಾಮಿ ರಥೋತ್ಸವ
ತುರುವೇಕೆರೆ: ತಾಲ್ಲೂಕಿನ ದಬ್ಬೇಘಟ್ಟ ಹೋಬಳಿಯ ಮುದಿಗೆರೆ ಮಜರೆ ಕೋಡಿಹಳ್ಳಿಯ ಶ್ರೀ ಕೋಡಿ ರಂಗನಾಥಸ್ವಾಮಿ ದೇವಾಲಯದಲ್ಲಿ ಶ್ರೀ ಸ್ವಾಮಿಯ ಪ್ರತಿಷ್ಠಾಪನಾ ವಾರ್ಷಿಕ ಮಹೋತ್ಸವ ಹಾಗೂ ರಥೋತ್ಸವ ಬುಧವಾರ ಅತ್ಯಂತ ಸಡಗರ ಸಂಭ್ರಮದಿಂದ ನಡೆಯಿತು. ಸಹಸ್ರಾರು ಭಕ್ತಾದಿಗಳ ಸಮ್ಮುಖದಲ್ಲಿ ವಿಜೃಂಭಣೆಯಿಂದ ನಡೆಯಿತು. ರಥಮಹೋತ್ಸವದ ಅಂಗವಾಗಿ ದೇವಾಲಯದಲ್ಲಿ ಹೋಮಕ್ಕೆ ಸಹೋದರರಿಂದ ವಿಶೇಷ ಪೂಜಾ ಕಾರ್ಯಕ್ರಮ ಹಾಗೂ ಶ್ರೀಸ್ವಾಮಿಯ ರಥೋತ್ಸವ ಅದ್ಧೂರಿಯಾಗಿ ನಡೆಯಿತು. ಕೋಡಿ ರಂಗನಾಥಸ್ವಾಮಿ ರಥೋತ್ಸವದ ಅಂಗವಾಗಿ ದೇವಾಲಯದಲ್ಲಿ ಬೆಳಗ್ಗೆಯಿಂದಲೇ ಗಣಪತಿ ಪೂಜೆ, ಅಭಿಷೇಕ, ಸ್ವಾಮಿಗೆ ವಿಶೇಷ ಅಲಂಕಾರ, ಹೋಮ ಹವನಗಳು ನಡೆದವು.
ಕೋಡಿ ರಂಗನಾಥಸ್ವಾಮಿಯ ಪ್ರತಿಷ್ಠಾಪನಾ ವಾರ್ಷಿಕ ಮಹೋತ್ಸವ ಹಾಗೂ ರಥೋತ್ಸವ ಅಂಗವಾಗಿ ಭಕ್ತಾದಿಗಳಿಗೆ ಪ್ರಸಾದದ ವ್ಯವಸ್ಥೆ ಮಾಡಲಾಗಿತ್ತು. ನಂತರ ದೇವಾಲಯದಿಂದ ಶ್ರೀ ಕೋಡಿ ರಂಗನಾಥಸ್ವಾಮಿಯ ಉತ್ಸವಮೂರ್ತಿಯನ್ನು ಹೊಣಕೆರೆ ಸಹೋದರರು ಹಾಗೂ ಭಕ್ತಾದಿಗಳು ಉತ್ಸವದ ಮೂಲಕ ಹೊರಗೆ ಕರೆತಂದು ರಥದಲ್ಲಿ ಕೂರಿಸಿದ ನಂತರ ವಿಶೇಷ ಪೂಜಾದಿಗಳನ್ನು ನೆರವೇರಿಸಿದರು. ರಥಸಪ್ತಮಿಯ ಉತ್ಸವದಲ್ಲಿ ಮುದಿಗೆರೆ ಮಜರೆ ಕೋಡಿಹಳ್ಳಿ ಸುತ್ತಮುತ್ತಲಿನ ಗ್ರಾಮಗಳ ಜನತೆ ಹಾಗೂ ವಿವಿಧೆಡೆಗಳಿಂದ ಆಗಮಿಸಿದ್ದ ಭಕ್ತಾದಿಗಳು ಪಾಲ್ಗೊಂಡು ಸ್ವಾಮಿಯ ಕೃಪೆಗೆ ಪಾತ್ರರಾದರು.
